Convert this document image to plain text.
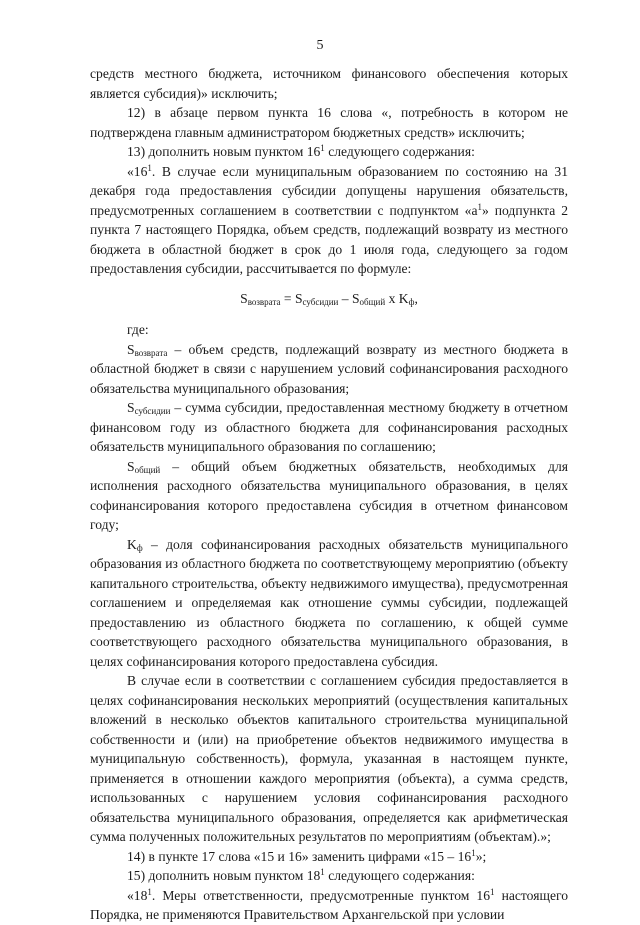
5

средств местного бюджета, источником финансового обеспечения которых является субсидия)» исключить;

12) в абзаце первом пункта 16 слова «, потребность в котором не подтверждена главным администратором бюджетных средств» исключить;

13) дополнить новым пунктом $16^1$ следующего содержания:

«$16^1$. В случае если муниципальным образованием по состоянию на 31 декабря года предоставления субсидии допущены нарушения обязательств, предусмотренных соглашением в соответствии с подпунктом «$а^1$» подпункта 2 пункта 7 настоящего Порядка, объем средств, подлежащий возврату из местного бюджета в областной бюджет в срок до 1 июля года, следующего за годом предоставления субсидии, рассчитывается по формуле:

$S_{возврата} = S_{субсидии} - S_{общий}$ x $K_ф$,

где:

$S_{возврата}$ – объем средств, подлежащий возврату из местного бюджета в областной бюджет в связи с нарушением условий софинансирования расходного обязательства муниципального образования;

$S_{субсидии}$ – сумма субсидии, предоставленная местному бюджету в отчетном финансовом году из областного бюджета для софинансирования расходных обязательств муниципального образования по соглашению;

$S_{общий}$ – общий объем бюджетных обязательств, необходимых для исполнения расходного обязательства муниципального образования, в целях софинансирования которого предоставлена субсидия в отчетном финансовом году;

$K_ф$ – доля софинансирования расходных обязательств муниципального образования из областного бюджета по соответствующему мероприятию (объекту капитального строительства, объекту недвижимого имущества), предусмотренная соглашением и определяемая как отношение суммы субсидии, подлежащей предоставлению из областного бюджета по соглашению, к общей сумме соответствующего расходного обязательства муниципального образования, в целях софинансирования которого предоставлена субсидия.

В случае если в соответствии с соглашением субсидия предоставляется в целях софинансирования нескольких мероприятий (осуществления капитальных вложений в несколько объектов капитального строительства муниципальной собственности и (или) на приобретение объектов недвижимого имущества в муниципальную собственность), формула, указанная в настоящем пункте, применяется в отношении каждого мероприятия (объекта), а сумма средств, использованных с нарушением условия софинансирования расходного обязательства муниципального образования, определяется как арифметическая сумма полученных положительных результатов по мероприятиям (объектам).»;

14) в пункте 17 слова «15 и 16» заменить цифрами «$15 - 16^1$»;

15) дополнить новым пунктом $18^1$ следующего содержания:

«$18^1$. Меры ответственности, предусмотренные пунктом $16^1$ настоящего Порядка, не применяются Правительством Архангельской при условии
